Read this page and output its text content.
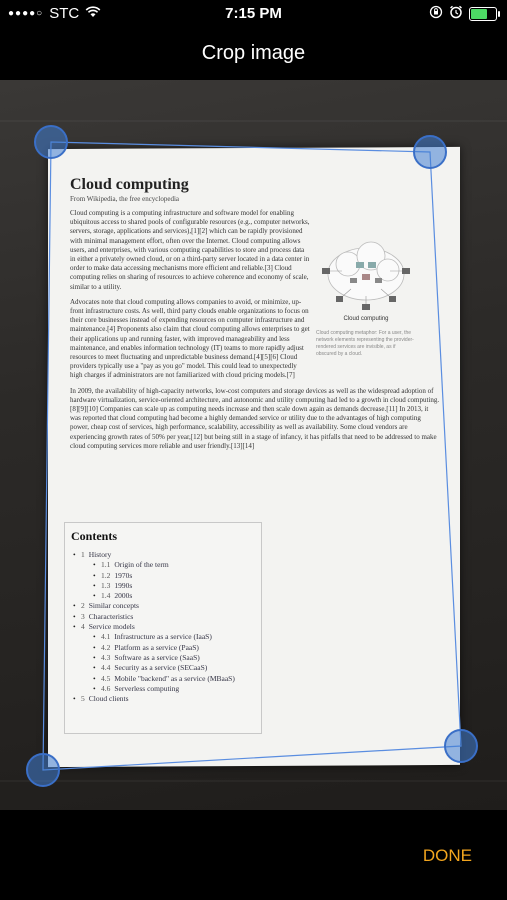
●●●●○ STC	7:15 PM
Crop image
Cloud computing
From Wikipedia, the free encyclopedia
Cloud computing is a computing infrastructure and software model for enabling ubiquitous access to shared pools of configurable resources (e.g., computer networks, servers, storage, applications and services),[1][2] which can be rapidly provisioned with minimal management effort, often over the Internet. Cloud computing allows users, and enterprises, with various computing capabilities to store and process data in either a privately owned cloud, or on a third-party server located in a data center in order to make data accessing mechanisms more efficient and reliable.[3] Cloud computing relies on sharing of resources to achieve coherence and economy of scale, similar to a utility.
Advocates note that cloud computing allows companies to avoid, or minimize, up-front infrastructure costs. As well, third party clouds enable organizations to focus on their core businesses instead of expending resources on computer infrastructure and maintenance.[4] Proponents also claim that cloud computing allows enterprises to get their applications up and running faster, with improved manageability and less maintenance, and enables information technology (IT) teams to more rapidly adjust resources to meet fluctuating and unpredictable business demand.[4][5][6] Cloud providers typically use a "pay as you go" model. This could lead to unexpectedly high charges if administrators are not familiarized with cloud pricing models.[7]
In 2009, the availability of high-capacity networks, low-cost computers and storage devices as well as the widespread adoption of hardware virtualization, service-oriented architecture, and autonomic and utility computing had led to a growth in cloud computing.[8][9][10] Companies can scale up as computing needs increase and then scale down again as demands decrease.[11] In 2013, it was reported that cloud computing had become a highly demanded service or utility due to the advantages of high computing power, cheap cost of services, high performance, scalability, accessibility as well as availability. Some cloud vendors are experiencing growth rates of 50% per year,[12] but being still in a stage of infancy, it has pitfalls that need to be addressed to make cloud computing services more reliable and user friendly.[13][14]
Cloud computing
Cloud computing metaphor: For a user, the network elements representing the provider-rendered services are invisible, as if obscured by a cloud.
Contents
• 1 History
• 1.1 Origin of the term
• 1.2 1970s
• 1.3 1990s
• 1.4 2000s
• 2 Similar concepts
• 3 Characteristics
• 4 Service models
• 4.1 Infrastructure as a service (IaaS)
• 4.2 Platform as a service (PaaS)
• 4.3 Software as a service (SaaS)
• 4.4 Security as a service (SECaaS)
• 4.5 Mobile "backend" as a service (MBaaS)
• 4.6 Serverless computing
• 5 Cloud clients
DONE
